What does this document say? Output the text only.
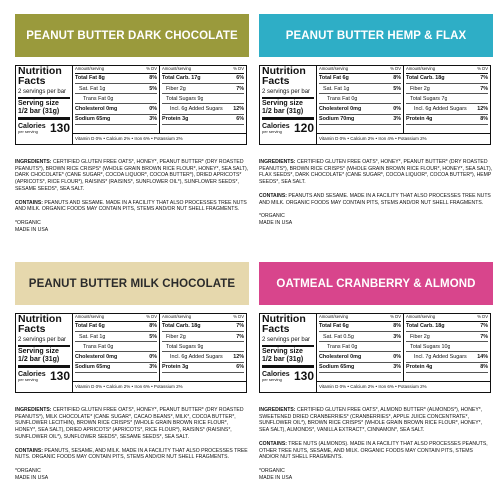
PEANUT BUTTER DARK CHOCOLATE
Nutrition Facts
2 servings per bar
Serving size
1/2 bar (31g)
Calories
per serving	130
Amount/serving	% DV
Total Fat 8g	8%
Sat. Fat 1g	5%
Trans Fat 0g
Cholesterol 0mg	0%
Sodium 65mg	3%
Amount/serving	% DV
Total Carb. 17g	6%
Fiber 2g	7%
Total Sugars 9g
Incl. 6g Added Sugars 12%
Protein 3g	6%
Vitamin D 0% • Calcium 2% • Iron 6% • Potassium 2%

INGREDIENTS: CERTIFIED GLUTEN FREE OATS*, HONEY*, PEANUT BUTTER* (DRY ROASTED PEANUTS*), BROWN RICE CRISPS* (WHOLE GRAIN BROWN RICE FLOUR*, HONEY*, SEA SALT), DARK CHOCOLATE* (CANE SUGAR*, COCOA LIQUOR*, COCOA BUTTER*), DRIED APRICOTS* (APRICOTS*, RICE FLOUR*), RAISINS* (RAISINS*, SUNFLOWER OIL*), SUNFLOWER SEEDS*, SESAME SEEDS*, SEA SALT.

CONTAINS: PEANUTS AND SESAME. MADE IN A FACILITY THAT ALSO PROCESSES TREE NUTS AND MILK. ORGANIC FOODS MAY CONTAIN PITS, STEMS AND/OR NUT SHELL FRAGMENTS.

*ORGANIC

MADE IN USA

PEANUT BUTTER HEMP & FLAX
Nutrition Facts
2 servings per bar
Serving size
1/2 bar (31g)
Calories
per serving	120
Amount/serving	% DV
Total Fat 6g	8%
Sat. Fat 1g	5%
Trans Fat 0g
Cholesterol 0mg	0%
Sodium 70mg	3%
Amount/serving	% DV
Total Carb. 18g	7%
Fiber 2g	7%
Total Sugars 7g
Incl. 6g Added Sugars 12%
Protein 4g	8%
Vitamin D 0% • Calcium 2% • Iron 4% • Potassium 2%

INGREDIENTS: CERTIFIED GLUTEN FREE OATS*, HONEY*, PEANUT BUTTER* (DRY ROASTED PEANUTS*), BROWN RICE CRISPS* (WHOLE GRAIN BROWN RICE FLOUR*, HONEY*, SEA SALT), FLAX SEEDS*, DARK CHOCOLATE* (CANE SUGAR*, COCOA LIQUOR*, COCOA BUTTER*), HEMP SEEDS*, SEA SALT.

CONTAINS: PEANUTS AND SESAME. MADE IN A FACILITY THAT ALSO PROCESSES TREE NUTS AND MILK. ORGANIC FOODS MAY CONTAIN PITS, STEMS AND/OR NUT SHELL FRAGMENTS.

*ORGANIC

MADE IN USA

PEANUT BUTTER MILK CHOCOLATE
Nutrition Facts
2 servings per bar
Serving size
1/2 bar (31g)
Calories
per serving	130
Amount/serving	% DV
Total Fat 6g	8%
Sat. Fat 1g	5%
Trans Fat 0g
Cholesterol 0mg	0%
Sodium 65mg	3%
Amount/serving	% DV
Total Carb. 18g	7%
Fiber 2g	7%
Total Sugars 9g
Incl. 6g Added Sugars 12%
Protein 3g	6%
Vitamin D 0% • Calcium 2% • Iron 6% • Potassium 2%

INGREDIENTS: CERTIFIED GLUTEN FREE OATS*, HONEY*, PEANUT BUTTER* (DRY ROASTED PEANUTS*), MILK CHOCOLATE* (CANE SUGAR*, CACAO BEANS*, MILK*, COCOA BUTTER*, SUNFLOWER LECITHIN), BROWN RICE CRISPS* (WHOLE GRAIN BROWN RICE FLOUR*, HONEY*, SEA SALT), DRIED APRICOTS* (APRICOTS*, RICE FLOUR*), RAISINS* (RAISINS*, SUNFLOWER OIL*), SUNFLOWER SEEDS*, SESAME SEEDS*, SEA SALT.

CONTAINS: PEANUTS, SESAME, AND MILK. MADE IN A FACILITY THAT ALSO PROCESSES TREE NUTS. ORGANIC FOODS MAY CONTAIN PITS, STEMS AND/OR NUT SHELL FRAGMENTS.

*ORGANIC

MADE IN USA

OATMEAL CRANBERRY & ALMOND
Nutrition Facts
2 servings per bar
Serving size
1/2 bar (31g)
Calories
per serving	130
Amount/serving	% DV
Total Fat 6g	8%
Sat. Fat 0.5g	3%
Trans Fat 0g
Cholesterol 0mg	0%
Sodium 65mg	3%
Amount/serving	% DV
Total Carb. 18g	7%
Fiber 2g	7%
Total Sugars 10g
Incl. 7g Added Sugars 14%
Protein 4g	8%
Vitamin D 0% • Calcium 2% • Iron 6% • Potassium 2%

INGREDIENTS: CERTIFIED GLUTEN FREE OATS*, ALMOND BUTTER* (ALMONDS*), HONEY*, SWEETENED DRIED CRANBERRIES* (CRANBERRIES*, APPLE JUICE CONCENTRATE*, SUNFLOWER OIL*), BROWN RICE CRISPS* (WHOLE GRAIN BROWN RICE FLOUR*, HONEY*, SEA SALT), ALMONDS*, VANILLA EXTRACT*, CINNAMON*, SEA SALT.

CONTAINS: TREE NUTS (ALMONDS). MADE IN A FACILITY THAT ALSO PROCESSES PEANUTS, OTHER TREE NUTS, SESAME, AND MILK. ORGANIC FOODS MAY CONTAIN PITS, STEMS AND/OR NUT SHELL FRAGMENTS.

*ORGANIC

MADE IN USA
